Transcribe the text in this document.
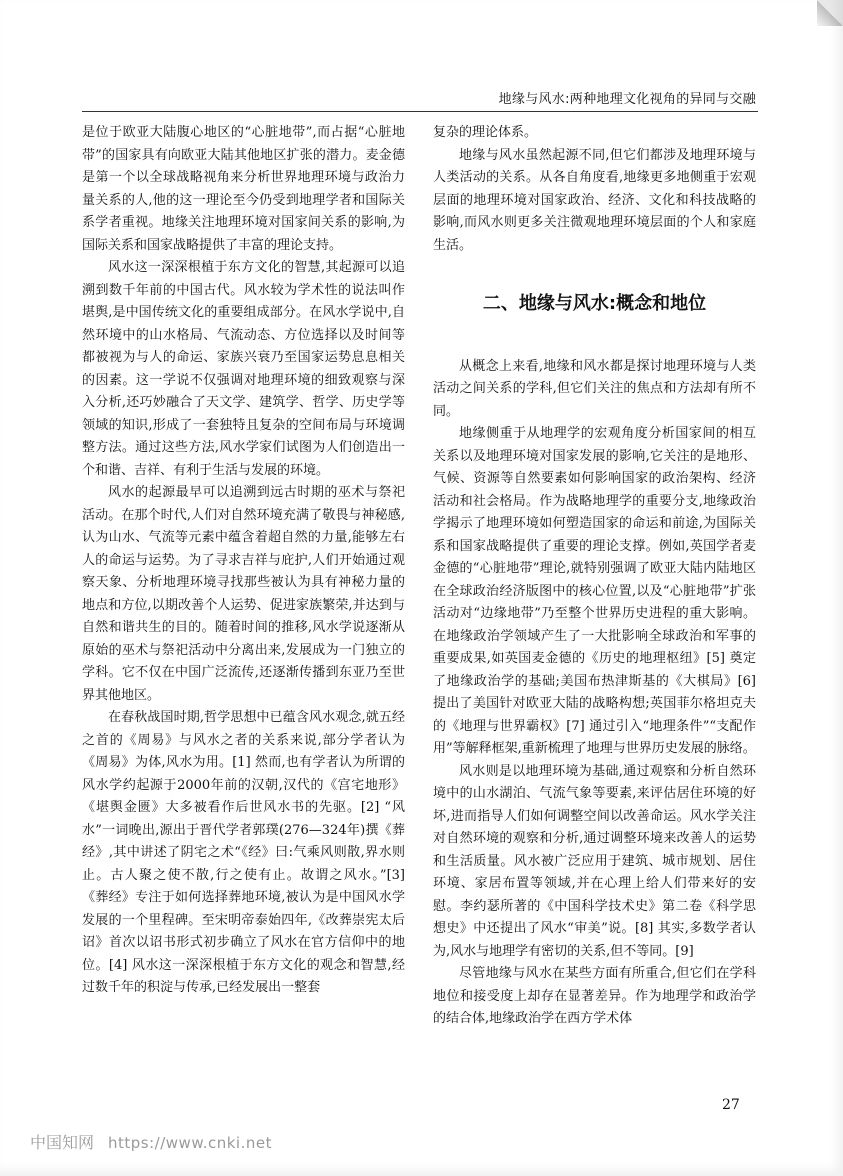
地缘与风水:两种地理文化视角的异同与交融

是位于欧亚大陆腹心地区的“心脏地带”,而占据“心脏地带”的国家具有向欧亚大陆其他地区扩张的潜力。麦金德是第一个以全球战略视角来分析世界地理环境与政治力量关系的人,他的这一理论至今仍受到地理学者和国际关系学者重视。地缘关注地理环境对国家间关系的影响,为国际关系和国家战略提供了丰富的理论支持。

风水这一深深根植于东方文化的智慧,其起源可以追溯到数千年前的中国古代。风水较为学术性的说法叫作堪舆,是中国传统文化的重要组成部分。在风水学说中,自然环境中的山水格局、气流动态、方位选择以及时间等都被视为与人的命运、家族兴衰乃至国家运势息息相关的因素。这一学说不仅强调对地理环境的细致观察与深入分析,还巧妙融合了天文学、建筑学、哲学、历史学等领域的知识,形成了一套独特且复杂的空间布局与环境调整方法。通过这些方法,风水学家们试图为人们创造出一个和谐、吉祥、有利于生活与发展的环境。

风水的起源最早可以追溯到远古时期的巫术与祭祀活动。在那个时代,人们对自然环境充满了敬畏与神秘感,认为山水、气流等元素中蕴含着超自然的力量,能够左右人的命运与运势。为了寻求吉祥与庇护,人们开始通过观察天象、分析地理环境寻找那些被认为具有神秘力量的地点和方位,以期改善个人运势、促进家族繁荣,并达到与自然和谐共生的目的。随着时间的推移,风水学说逐渐从原始的巫术与祭祀活动中分离出来,发展成为一门独立的学科。它不仅在中国广泛流传,还逐渐传播到东亚乃至世界其他地区。

在春秋战国时期,哲学思想中已蕴含风水观念,就五经之首的《周易》与风水之者的关系来说,部分学者认为《周易》为体,风水为用。[1] 然而,也有学者认为所谓的风水学约起源于2000年前的汉朝,汉代的《宫宅地形》《堪舆金匮》大多被看作后世风水书的先驱。[2] “风水”一词晚出,源出于晋代学者郭璞(276—324年)撰《葬经》,其中讲述了阴宅之术“《经》曰:气乘风则散,界水则止。古人聚之使不散,行之使有止。故谓之风水。”[3] 《葬经》专注于如何选择葬地环境,被认为是中国风水学发展的一个里程碑。至宋明帝泰始四年,《改葬崇宪太后诏》首次以诏书形式初步确立了风水在官方信仰中的地位。[4] 风水这一深深根植于东方文化的观念和智慧,经过数千年的积淀与传承,已经发展出一整套

复杂的理论体系。

地缘与风水虽然起源不同,但它们都涉及地理环境与人类活动的关系。从各自角度看,地缘更多地侧重于宏观层面的地理环境对国家政治、经济、文化和科技战略的影响,而风水则更多关注微观地理环境层面的个人和家庭生活。

二、地缘与风水:概念和地位

从概念上来看,地缘和风水都是探讨地理环境与人类活动之间关系的学科,但它们关注的焦点和方法却有所不同。

地缘侧重于从地理学的宏观角度分析国家间的相互关系以及地理环境对国家发展的影响,它关注的是地形、气候、资源等自然要素如何影响国家的政治架构、经济活动和社会格局。作为战略地理学的重要分支,地缘政治学揭示了地理环境如何塑造国家的命运和前途,为国际关系和国家战略提供了重要的理论支撑。例如,英国学者麦金德的“心脏地带”理论,就特别强调了欧亚大陆内陆地区在全球政治经济版图中的核心位置,以及“心脏地带”扩张活动对“边缘地带”乃至整个世界历史进程的重大影响。在地缘政治学领域产生了一大批影响全球政治和军事的重要成果,如英国麦金德的《历史的地理枢纽》[5] 奠定了地缘政治学的基础;美国布热津斯基的《大棋局》[6] 提出了美国针对欧亚大陆的战略构想;英国菲尔格坦克夫的《地理与世界霸权》[7] 通过引入“地理条件”“支配作用”等解释框架,重新梳理了地理与世界历史发展的脉络。

风水则是以地理环境为基础,通过观察和分析自然环境中的山水湖泊、气流气象等要素,来评估居住环境的好坏,进而指导人们如何调整空间以改善命运。风水学关注对自然环境的观察和分析,通过调整环境来改善人的运势和生活质量。风水被广泛应用于建筑、城市规划、居住环境、家居布置等领域,并在心理上给人们带来好的安慰。李约瑟所著的《中国科学技术史》第二卷《科学思想史》中还提出了风水“审美”说。[8] 其实,多数学者认为,风水与地理学有密切的关系,但不等同。[9]

尽管地缘与风水在某些方面有所重合,但它们在学科地位和接受度上却存在显著差异。作为地理学和政治学的结合体,地缘政治学在西方学术体

27
中国知网 https://www.cnki.net
